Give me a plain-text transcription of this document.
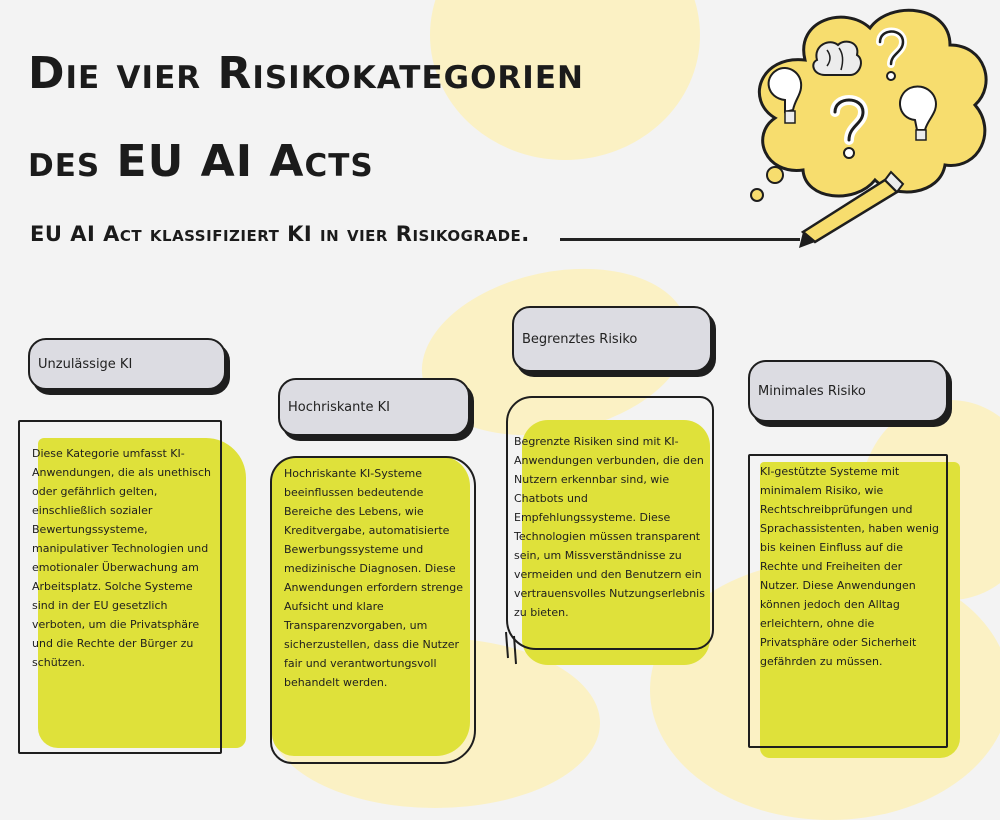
Die vier Risikokategorien
des EU AI Acts
EU AI Act klassifiziert KI in vier Risikograde.
Unzulässige KI
Diese Kategorie umfasst KI-Anwendungen, die als unethisch oder gefährlich gelten, einschließlich sozialer Bewertungssysteme, manipulativer Technologien und emotionaler Überwachung am Arbeitsplatz. Solche Systeme sind in der EU gesetzlich verboten, um die Privatsphäre und die Rechte der Bürger zu schützen.
Hochriskante KI
Hochriskante KI-Systeme beeinflussen bedeutende Bereiche des Lebens, wie Kreditvergabe, automatisierte Bewerbungssysteme und medizinische Diagnosen. Diese Anwendungen erfordern strenge Aufsicht und klare Transparenzvorgaben, um sicherzustellen, dass die Nutzer fair und verantwortungsvoll behandelt werden.
Begrenztes Risiko
Begrenzte Risiken sind mit KI-Anwendungen verbunden, die den Nutzern erkennbar sind, wie Chatbots und Empfehlungssysteme. Diese Technologien müssen transparent sein, um Missverständnisse zu vermeiden und den Benutzern ein vertrauensvolles Nutzungserlebnis zu bieten.
Minimales Risiko
KI-gestützte Systeme mit minimalem Risiko, wie Rechtschreibprüfungen und Sprachassistenten, haben wenig bis keinen Einfluss auf die Rechte und Freiheiten der Nutzer. Diese Anwendungen können jedoch den Alltag erleichtern, ohne die Privatsphäre oder Sicherheit gefährden zu müssen.
